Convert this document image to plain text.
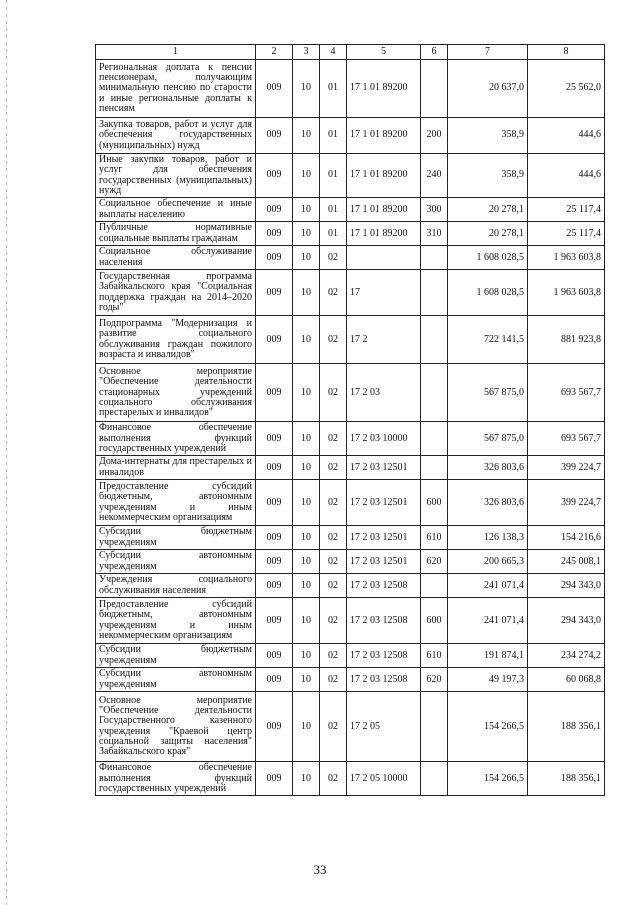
1	2	3	4	5	6	7	8
Региональная доплата к пенсии пенсионерам, получающим минимальную пенсию по старости и иные региональные доплаты к пенсиям	009	10	01	17 1 01 89200		20 637,0	25 562,0
Закупка товаров, работ и услуг для обеспечения государственных (муниципальных) нужд	009	10	01	17 1 01 89200	200	358,9	444,6
Иные закупки товаров, работ и услуг для обеспечения государственных (муниципальных) нужд	009	10	01	17 1 01 89200	240	358,9	444,6
Социальное обеспечение и иные выплаты населению	009	10	01	17 1 01 89200	300	20 278,1	25 117,4
Публичные нормативные социальные выплаты гражданам	009	10	01	17 1 01 89200	310	20 278,1	25 117,4
Социальное обслуживание населения	009	10	02			1 608 028,5	1 963 603,8
Государственная программа Забайкальского края "Социальная поддержка граждан на 2014–2020 годы"	009	10	02	17		1 608 028,5	1 963 603,8
Подпрограмма "Модернизация и развитие социального обслуживания граждан пожилого возраста и инвалидов"	009	10	02	17 2		722 141,5	881 923,8
Основное мероприятие "Обеспечение деятельности стационарных учреждений социального обслуживания престарелых и инвалидов"	009	10	02	17 2 03		567 875,0	693 567,7
Финансовое обеспечение выполнения функций государственных учреждений	009	10	02	17 2 03 10000		567 875,0	693 567,7
Дома-интернаты для престарелых и инвалидов	009	10	02	17 2 03 12501		326 803,6	399 224,7
Предоставление субсидий бюджетным, автономным учреждениям и иным некоммерческим организациям	009	10	02	17 2 03 12501	600	326 803,6	399 224,7
Субсидии бюджетным учреждениям	009	10	02	17 2 03 12501	610	126 138,3	154 216,6
Субсидии автономным учреждениям	009	10	02	17 2 03 12501	620	200 665,3	245 008,1
Учреждения социального обслуживания населения	009	10	02	17 2 03 12508		241 071,4	294 343,0
Предоставление субсидий бюджетным, автономным учреждениям и иным некоммерческим организациям	009	10	02	17 2 03 12508	600	241 071,4	294 343,0
Субсидии бюджетным учреждениям	009	10	02	17 2 03 12508	610	191 874,1	234 274,2
Субсидии автономным учреждениям	009	10	02	17 2 03 12508	620	49 197,3	60 068,8
Основное мероприятие "Обеспечение деятельности Государственного казенного учреждения "Краевой центр социальной защиты населения" Забайкальского края"	009	10	02	17 2 05		154 266,5	188 356,1
Финансовое обеспечение выполнения функций государственных учреждений	009	10	02	17 2 05 10000		154 266,5	188 356,1
33
